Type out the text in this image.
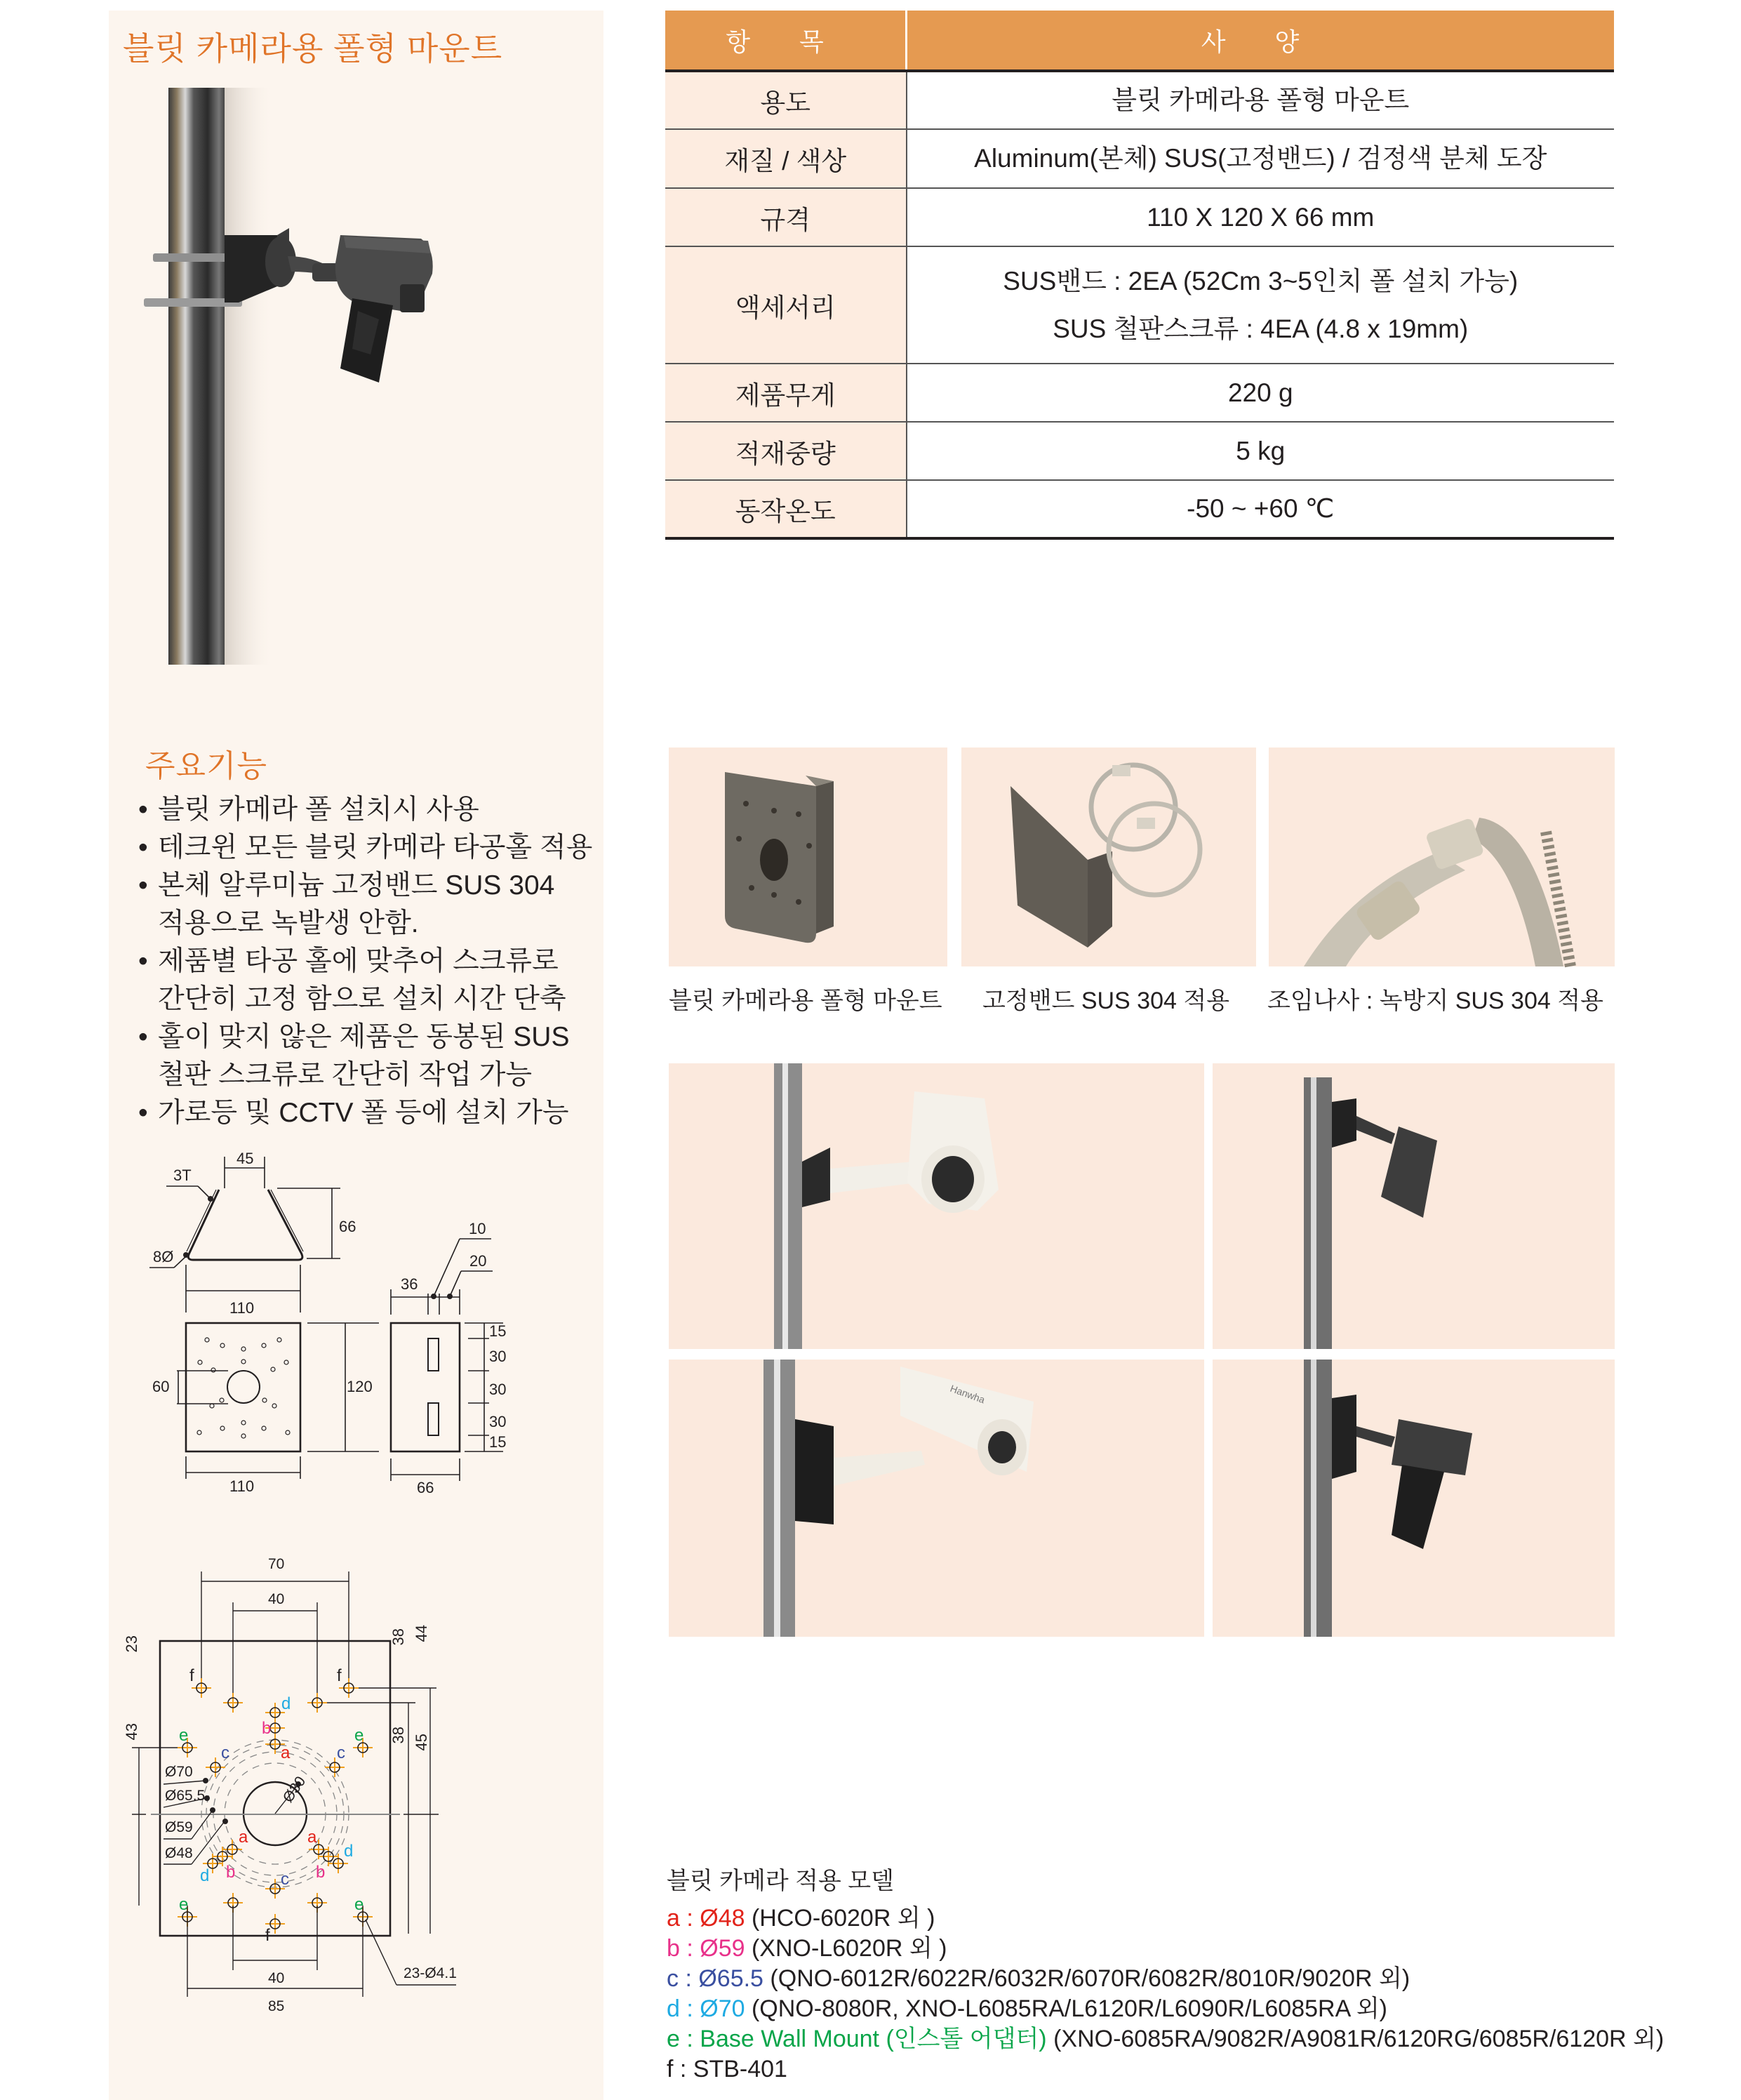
블릿 카메라용 폴형 마운트
주요기능
• 블릿 카메라 폴 설치시 사용
• 테크윈 모든 블릿 카메라 타공홀 적용
• 본체 알루미늄 고정밴드 SUS 304
적용으로 녹발생 안함.
• 제품별 타공 홀에 맞추어 스크류로
간단히 고정 함으로 설치 시간 단축
• 홀이 맞지 않은 제품은 동봉된 SUS
철판 스크류로 간단히 작업 가능
• 가로등 및 CCTV 폴 등에 설치 가능
3T
8Ø
45
66
110
60	120
110
36
10
20
66
15
30
30
30
15
f	f
f
e	e
e	e
d
d
d
b
b	b
a
a	a
c	c
c
70
40
Ø70
Ø65.5
Ø59
Ø48
Ø30
23
43
38
38
44
45
40
85
23-Ø4.1
항 목	사 양
용도	블릿 카메라용 폴형 마운트

재질 / 색상	Aluminum(본체) SUS(고정밴드) / 검정색 분체 도장

규격	110 X 120 X 66 mm

액세서리	SUS밴드 : 2EA (52Cm 3~5인치 폴 설치 가능)
SUS 철판스크류 : 4EA (4.8 x 19mm)

제품무게	220 g

적재중량	5 kg

동작온도	-50 ~ +60 ℃
블릿 카메라용 폴형 마운트 고정밴드 SUS 304 적용 조임나사 : 녹방지 SUS 304 적용
Hanwha
블릿 카메라 적용 모델
a : Ø48 (HCO-6020R 외 )
b : Ø59 (XNO-L6020R 외 )
c : Ø65.5 (QNO-6012R/6022R/6032R/6070R/6082R/8010R/9020R 외)
d : Ø70 (QNO-8080R, XNO-L6085RA/L6120R/L6090R/L6085RA 외)
e : Base Wall Mount (인스톨 어댑터) (XNO-6085RA/9082R/A9081R/6120RG/6085R/6120R 외)
f : STB-401
